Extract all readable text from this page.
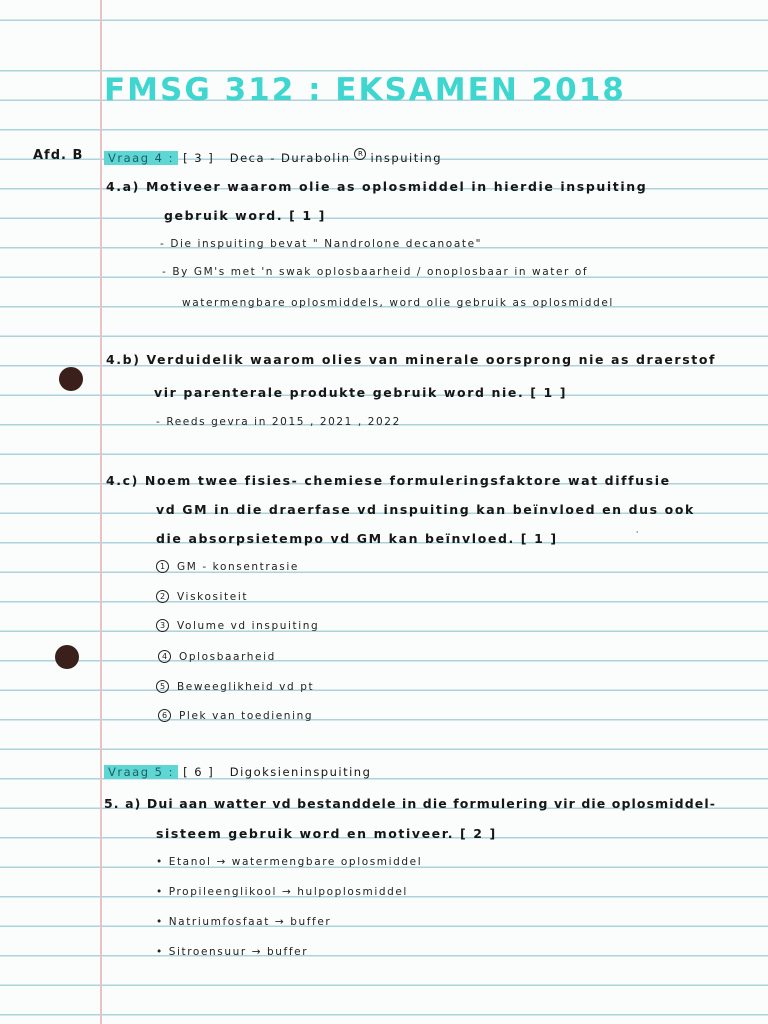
FMSG 312 : EKSAMEN 2018
Afd. B	Vraag 4 : [ 3 ] Deca - Durabolin R inspuiting
4.a) Motiveer waarom olie as oplosmiddel in hierdie inspuiting
gebruik word. [ 1 ]
- Die inspuiting bevat " Nandrolone decanoate"
- By GM's met 'n swak oplosbaarheid / onoplosbaar in water of
watermengbare oplosmiddels, word olie gebruik as oplosmiddel
4.b) Verduidelik waarom olies van minerale oorsprong nie as draerstof
vir parenterale produkte gebruik word nie. [ 1 ]
- Reeds gevra in 2015 , 2021 , 2022
4.c) Noem twee fisies- chemiese formuleringsfaktore wat diffusie
vd GM in die draerfase vd inspuiting kan beïnvloed en dus ook
die absorpsietempo vd GM kan beïnvloed. [ 1 ]	ˈ
1 GM - konsentrasie
2 Viskositeit
3 Volume vd inspuiting
4 Oplosbaarheid
5 Beweeglikheid vd pt
6 Plek van toediening
Vraag 5 : [ 6 ] Digoksieninspuiting
5. a) Dui aan watter vd bestanddele in die formulering vir die oplosmiddel-
sisteem gebruik word en motiveer. [ 2 ]
• Etanol → watermengbare oplosmiddel
• Propileenglikool → hulpoplosmiddel
• Natriumfosfaat → buffer
• Sitroensuur → buffer
